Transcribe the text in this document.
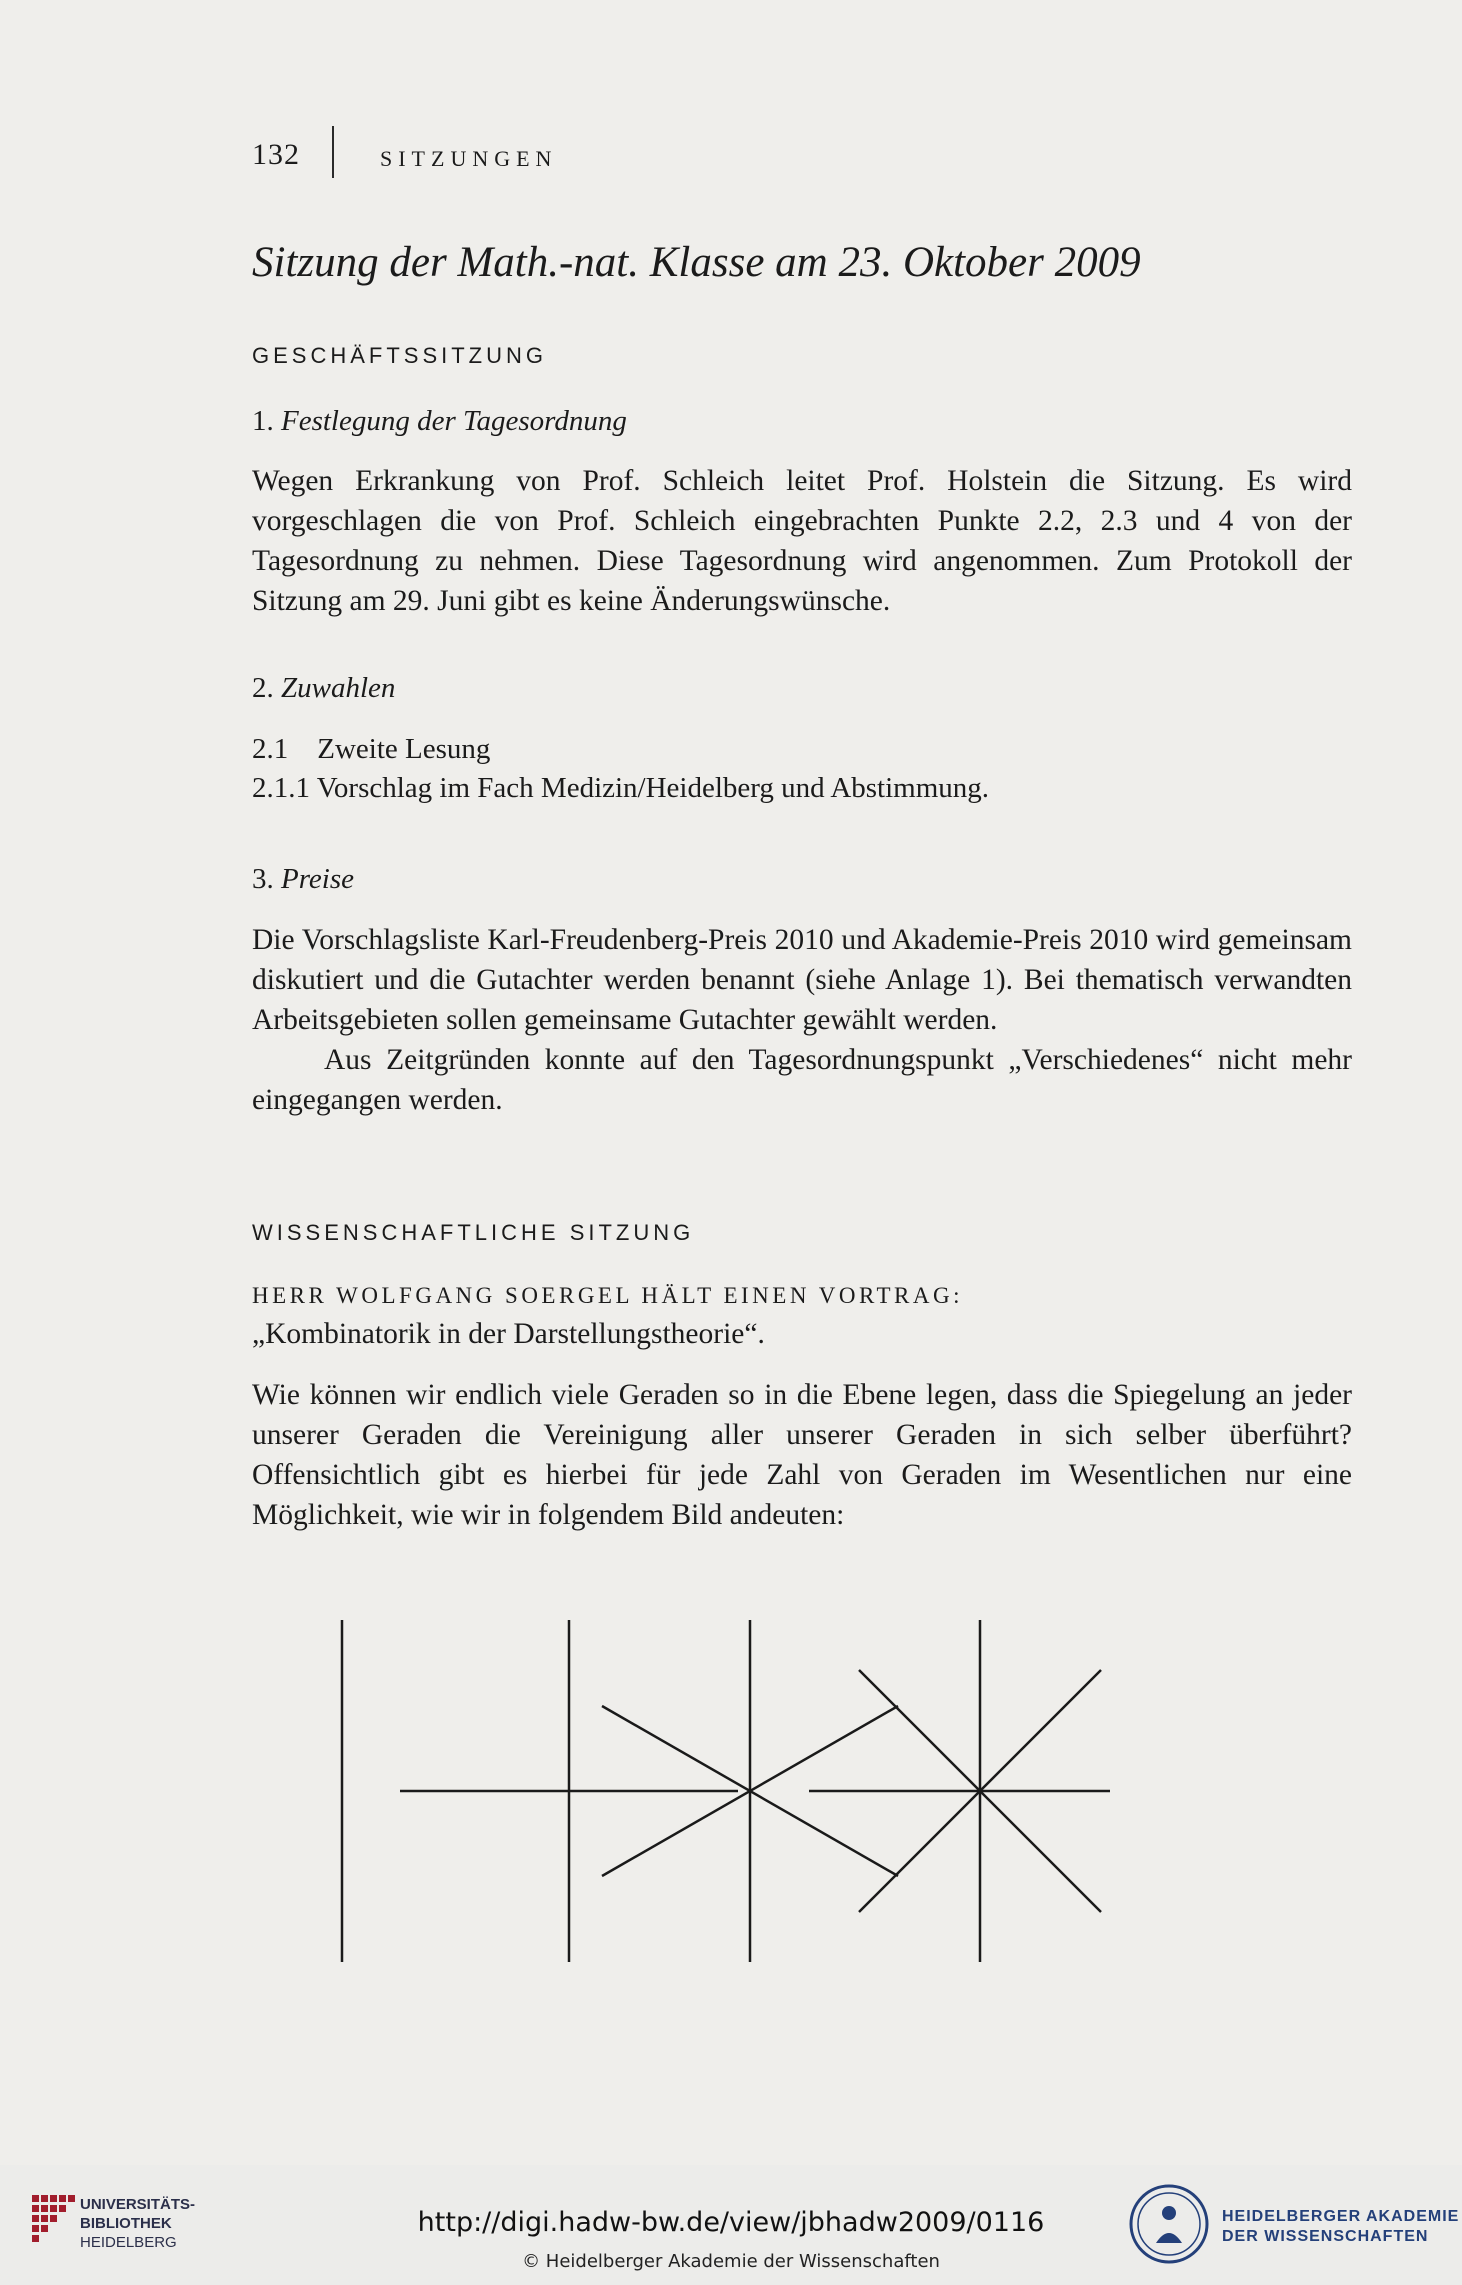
132	SITZUNGEN
Sitzung der Math.-nat. Klasse am 23. Oktober 2009
GESCHÄFTSSITZUNG
1. Festlegung der Tagesordnung
Wegen Erkrankung von Prof. Schleich leitet Prof. Holstein die Sitzung. Es wird vorgeschlagen die von Prof. Schleich eingebrachten Punkte 2.2, 2.3 und 4 von der Tagesordnung zu nehmen. Diese Tagesordnung wird angenommen. Zum Protokoll der Sitzung am 29. Juni gibt es keine Änderungswünsche.
2. Zuwahlen
2.1 Zweite Lesung
2.1.1 Vorschlag im Fach Medizin/Heidelberg und Abstimmung.
3. Preise
Die Vorschlagsliste Karl-Freudenberg-Preis 2010 und Akademie-Preis 2010 wird gemeinsam diskutiert und die Gutachter werden benannt (siehe Anlage 1). Bei thematisch verwandten Arbeitsgebieten sollen gemeinsame Gutachter gewählt werden.
Aus Zeitgründen konnte auf den Tagesordnungspunkt „Verschiedenes“ nicht mehr eingegangen werden.
WISSENSCHAFTLICHE SITZUNG
HERR WOLFGANG SOERGEL HÄLT EINEN VORTRAG:
„Kombinatorik in der Darstellungstheorie“.
Wie können wir endlich viele Geraden so in die Ebene legen, dass die Spiegelung an jeder unserer Geraden die Vereinigung aller unserer Geraden in sich selber überführt? Offensichtlich gibt es hierbei für jede Zahl von Geraden im Wesentlichen nur eine Möglichkeit, wie wir in folgendem Bild andeuten:
UNIVERSITÄTS-
BIBLIOTHEK
HEIDELBERG
http://digi.hadw-bw.de/view/jbhadw2009/0116
© Heidelberger Akademie der Wissenschaften
HEIDELBERGER AKADEMIE
DER WISSENSCHAFTEN
